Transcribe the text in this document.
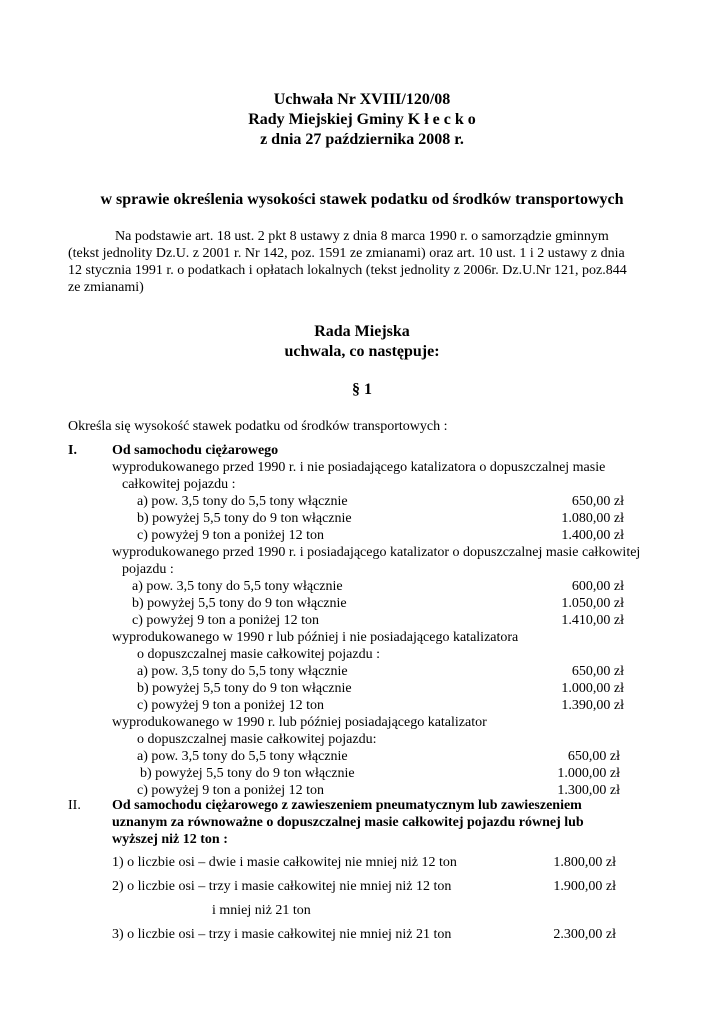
Uchwała Nr XVIII/120/08
Rady Miejskiej Gminy K ł e c k o
z dnia 27 października 2008 r.
w sprawie określenia wysokości stawek podatku od środków transportowych
Na podstawie art. 18 ust. 2 pkt 8 ustawy z dnia 8 marca 1990 r. o samorządzie gminnym
(tekst jednolity Dz.U. z 2001 r. Nr 142, poz. 1591 ze zmianami) oraz art. 10 ust. 1 i 2 ustawy z dnia
12 stycznia 1991 r. o podatkach i opłatach lokalnych (tekst jednolity z 2006r. Dz.U.Nr 121, poz.844
ze zmianami)
Rada Miejska
uchwala, co następuje:
§ 1
Określa się wysokość stawek podatku od środków transportowych :
I.	Od samochodu ciężarowego
wyprodukowanego przed 1990 r. i nie posiadającego katalizatora o dopuszczalnej masie
całkowitej pojazdu :
a) pow. 3,5 tony do 5,5 tony włącznie	650,00 zł
b) powyżej 5,5 tony do 9 ton włącznie	1.080,00 zł
c) powyżej 9 ton a poniżej 12 ton	1.400,00 zł
wyprodukowanego przed 1990 r. i posiadającego katalizator o dopuszczalnej masie całkowitej
pojazdu :
a) pow. 3,5 tony do 5,5 tony włącznie	600,00 zł
b) powyżej 5,5 tony do 9 ton włącznie	1.050,00 zł
c) powyżej 9 ton a poniżej 12 ton	1.410,00 zł
wyprodukowanego w 1990 r lub później i nie posiadającego katalizatora
o dopuszczalnej masie całkowitej pojazdu :
a) pow. 3,5 tony do 5,5 tony włącznie	650,00 zł
b) powyżej 5,5 tony do 9 ton włącznie	1.000,00 zł
c) powyżej 9 ton a poniżej 12 ton	1.390,00 zł
wyprodukowanego w 1990 r. lub później posiadającego katalizator
o dopuszczalnej masie całkowitej pojazdu:
a) pow. 3,5 tony do 5,5 tony włącznie	650,00 zł
b) powyżej 5,5 tony do 9 ton włącznie	1.000,00 zł
c) powyżej 9 ton a poniżej 12 ton	1.300,00 zł
II. Od samochodu ciężarowego z zawieszeniem pneumatycznym lub zawieszeniem
uznanym za równoważne o dopuszczalnej masie całkowitej pojazdu równej lub
wyższej niż 12 ton :
1) o liczbie osi – dwie i masie całkowitej nie mniej niż 12 ton	1.800,00 zł
2) o liczbie osi – trzy i masie całkowitej nie mniej niż 12 ton	1.900,00 zł
i mniej niż 21 ton
3) o liczbie osi – trzy i masie całkowitej nie mniej niż 21 ton	2.300,00 zł
